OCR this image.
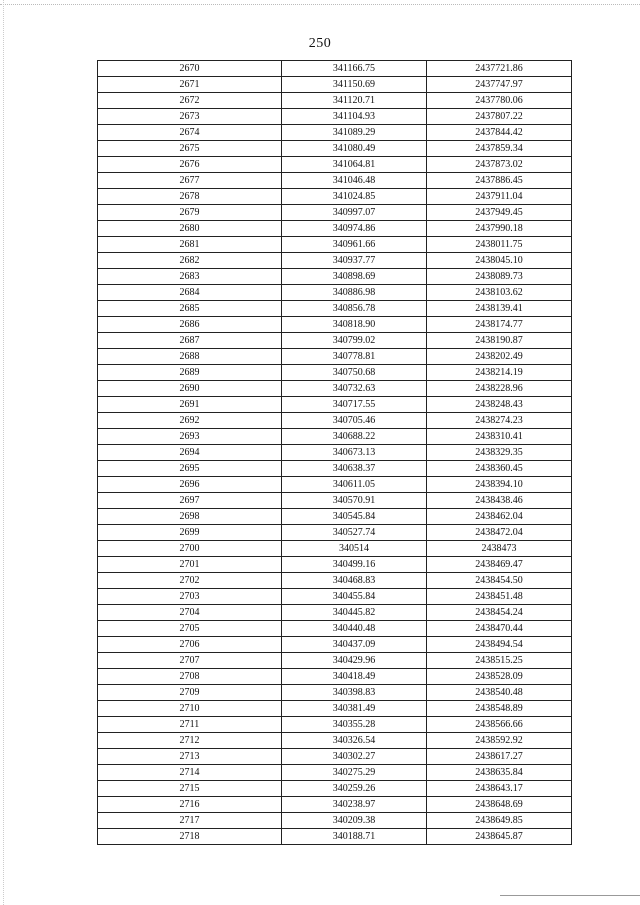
250
2670	341166.75	2437721.86
2671	341150.69	2437747.97
2672	341120.71	2437780.06
2673	341104.93	2437807.22
2674	341089.29	2437844.42
2675	341080.49	2437859.34
2676	341064.81	2437873.02
2677	341046.48	2437886.45
2678	341024.85	2437911.04
2679	340997.07	2437949.45
2680	340974.86	2437990.18
2681	340961.66	2438011.75
2682	340937.77	2438045.10
2683	340898.69	2438089.73
2684	340886.98	2438103.62
2685	340856.78	2438139.41
2686	340818.90	2438174.77
2687	340799.02	2438190.87
2688	340778.81	2438202.49
2689	340750.68	2438214.19
2690	340732.63	2438228.96
2691	340717.55	2438248.43
2692	340705.46	2438274.23
2693	340688.22	2438310.41
2694	340673.13	2438329.35
2695	340638.37	2438360.45
2696	340611.05	2438394.10
2697	340570.91	2438438.46
2698	340545.84	2438462.04
2699	340527.74	2438472.04
2700	340514	2438473
2701	340499.16	2438469.47
2702	340468.83	2438454.50
2703	340455.84	2438451.48
2704	340445.82	2438454.24
2705	340440.48	2438470.44
2706	340437.09	2438494.54
2707	340429.96	2438515.25
2708	340418.49	2438528.09
2709	340398.83	2438540.48
2710	340381.49	2438548.89
2711	340355.28	2438566.66
2712	340326.54	2438592.92
2713	340302.27	2438617.27
2714	340275.29	2438635.84
2715	340259.26	2438643.17
2716	340238.97	2438648.69
2717	340209.38	2438649.85
2718	340188.71	2438645.87
